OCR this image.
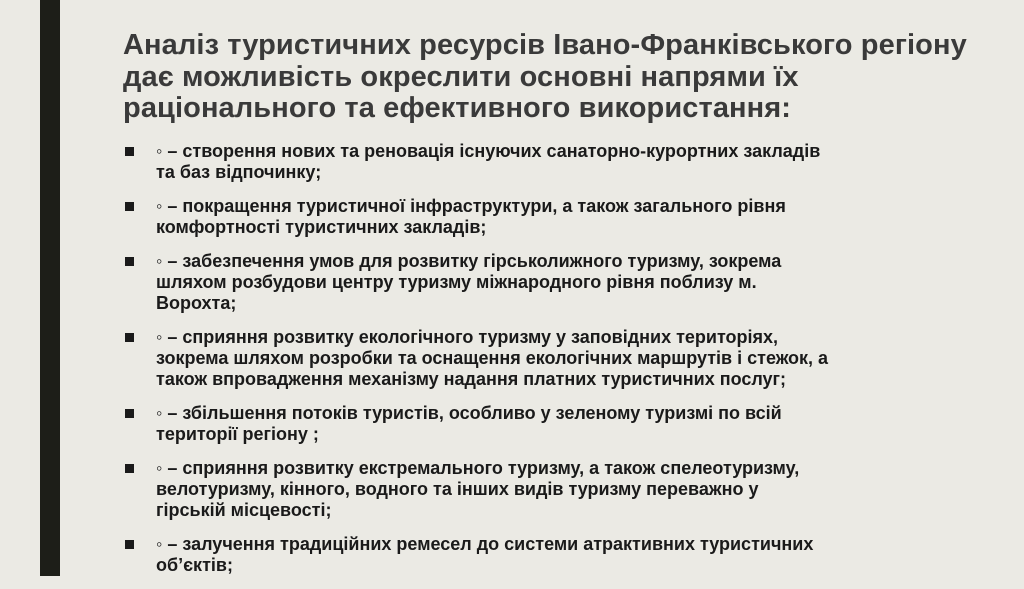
Аналіз туристичних ресурсів Івано-Франківського регіону дає можливість окреслити основні напрями їх раціонального та ефективного використання:
◦ – створення нових та реновація існуючих санаторно-курортних закладів
та баз відпочинку;
◦ – покращення туристичної інфраструктури, а також загального рівня
комфортності туристичних закладів;
◦ – забезпечення умов для розвитку гірськолижного туризму, зокрема
шляхом розбудови центру туризму міжнародного рівня поблизу м.
Ворохта;
◦ – сприяння розвитку екологічного туризму у заповідних територіях,
зокрема шляхом розробки та оснащення екологічних маршрутів і стежок, а
також впровадження механізму надання платних туристичних послуг;
◦ – збільшення потоків туристів, особливо у зеленому туризмі по всій
території регіону ;
◦ – сприяння розвитку екстремального туризму, а також спелеотуризму,
велотуризму, кінного, водного та інших видів туризму переважно у
гірській місцевості;
◦ – залучення традиційних ремесел до системи атрактивних туристичних
об’єктів;
